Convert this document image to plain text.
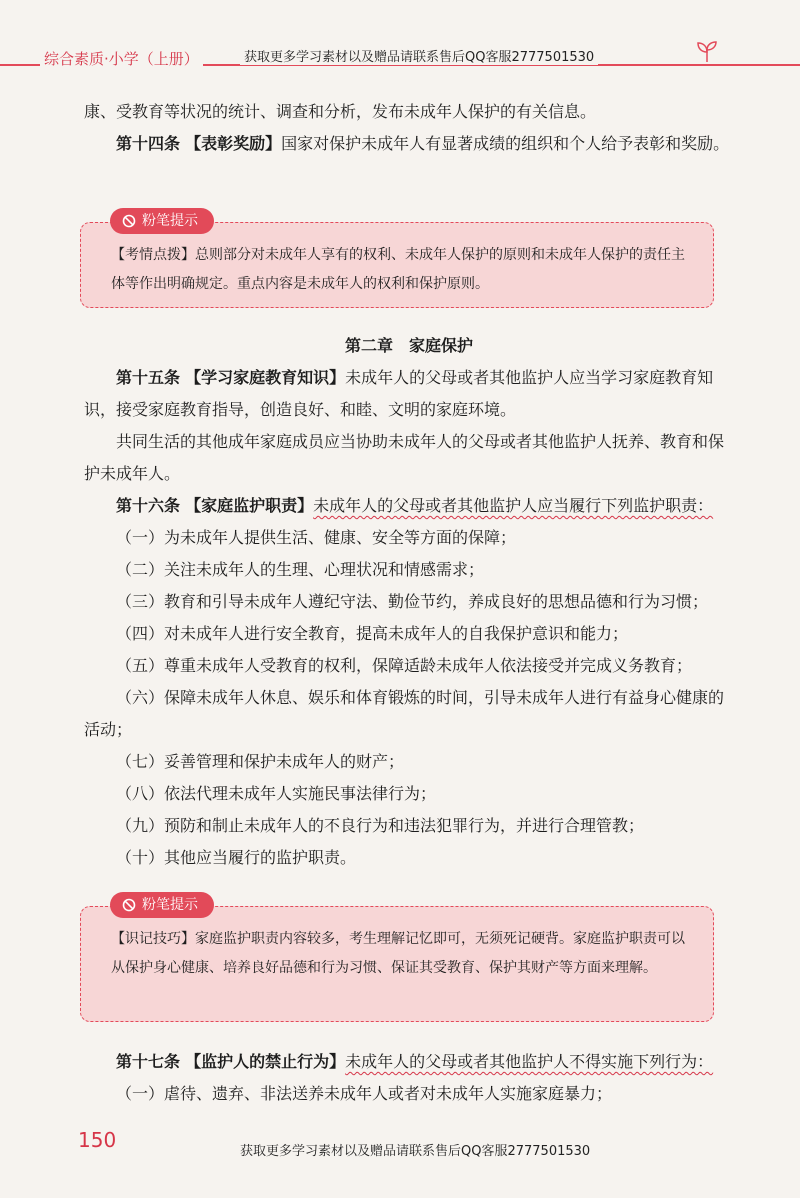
综合素质·小学（上册）	获取更多学习素材以及赠品请联系售后QQ客服2777501530

康、受教育等状况的统计、调查和分析，发布未成年人保护的有关信息。

第十四条 【表彰奖励】国家对保护未成年人有显著成绩的组织和个人给予表彰和奖励。

【考情点拨】总则部分对未成年人享有的权利、未成年人保护的原则和未成年人保护的责任主体等作出明确规定。重点内容是未成年人的权利和保护原则。
粉笔提示

第二章　家庭保护

第十五条 【学习家庭教育知识】未成年人的父母或者其他监护人应当学习家庭教育知识，接受家庭教育指导，创造良好、和睦、文明的家庭环境。

共同生活的其他成年家庭成员应当协助未成年人的父母或者其他监护人抚养、教育和保护未成年人。

第十六条 【家庭监护职责】未成年人的父母或者其他监护人应当履行下列监护职责：

（一）为未成年人提供生活、健康、安全等方面的保障；

（二）关注未成年人的生理、心理状况和情感需求；

（三）教育和引导未成年人遵纪守法、勤俭节约，养成良好的思想品德和行为习惯；

（四）对未成年人进行安全教育，提高未成年人的自我保护意识和能力；

（五）尊重未成年人受教育的权利，保障适龄未成年人依法接受并完成义务教育；

（六）保障未成年人休息、娱乐和体育锻炼的时间，引导未成年人进行有益身心健康的活动；

（七）妥善管理和保护未成年人的财产；

（八）依法代理未成年人实施民事法律行为；

（九）预防和制止未成年人的不良行为和违法犯罪行为，并进行合理管教；

（十）其他应当履行的监护职责。

【识记技巧】家庭监护职责内容较多，考生理解记忆即可，无须死记硬背。家庭监护职责可以从保护身心健康、培养良好品德和行为习惯、保证其受教育、保护其财产等方面来理解。
粉笔提示

第十七条 【监护人的禁止行为】未成年人的父母或者其他监护人不得实施下列行为：

（一）虐待、遗弃、非法送养未成年人或者对未成年人实施家庭暴力；

150	获取更多学习素材以及赠品请联系售后QQ客服2777501530
